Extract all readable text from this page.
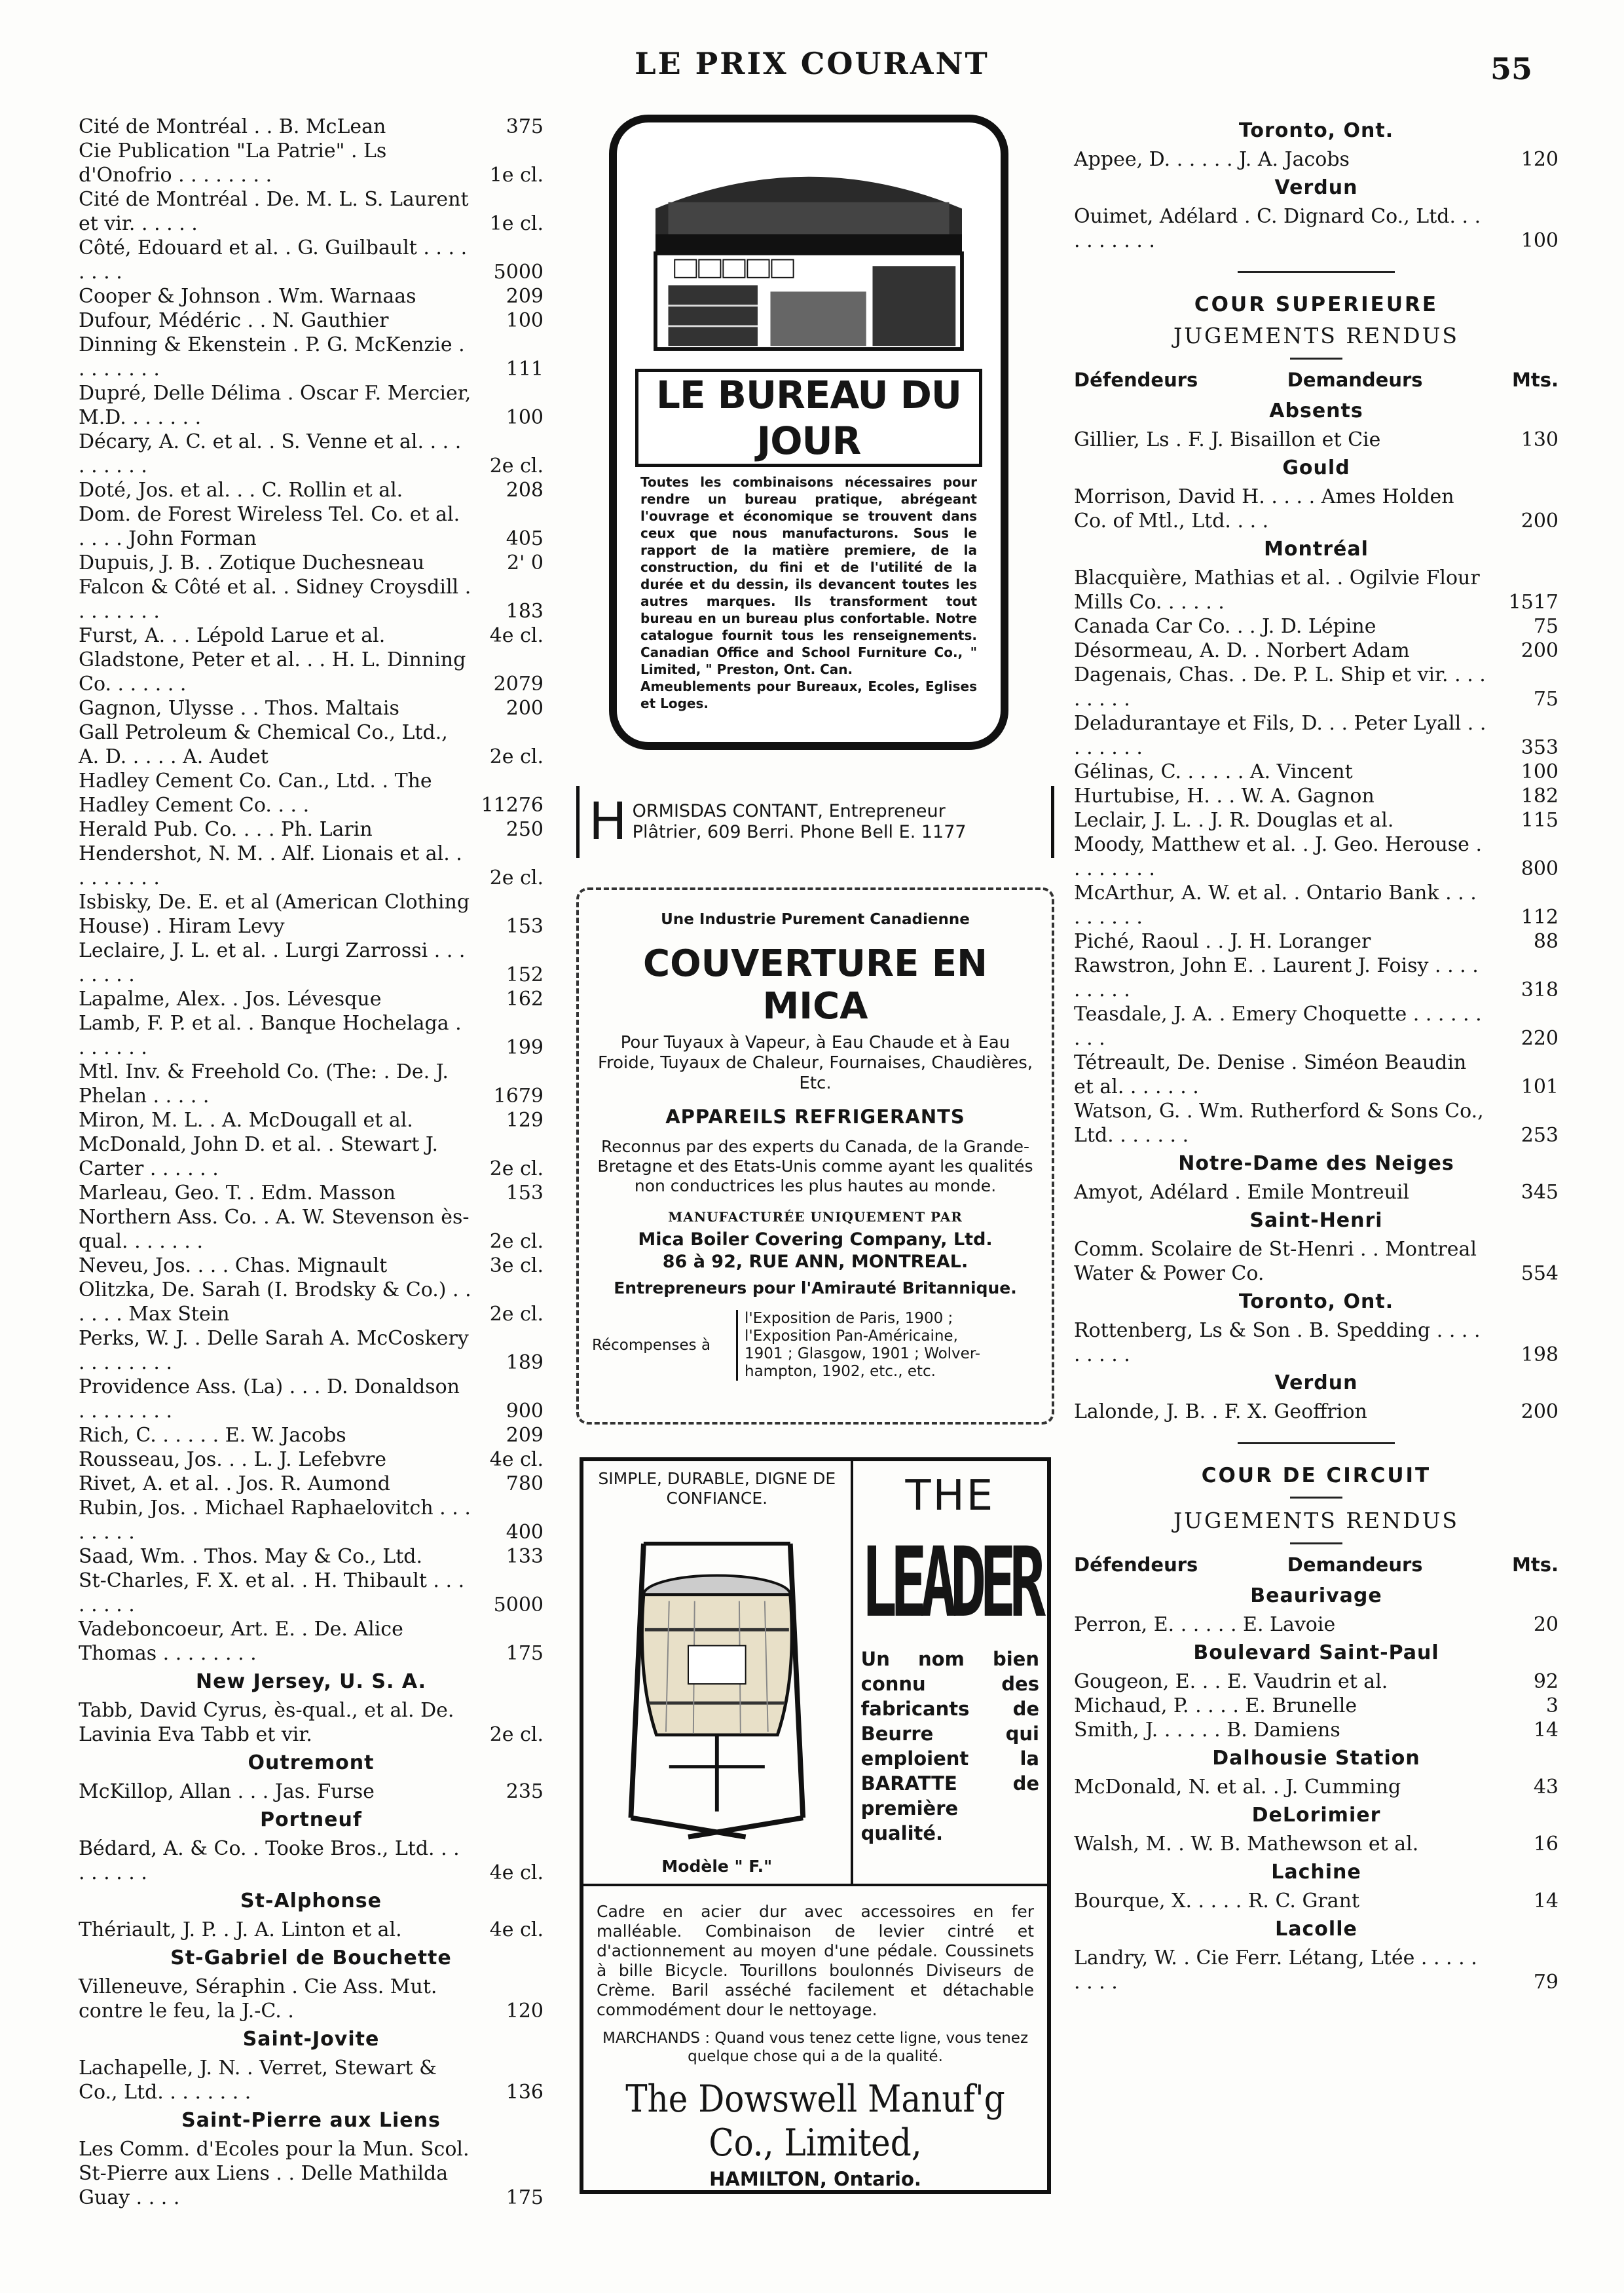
LE PRIX COURANT	55
Cité de Montréal . . B. McLean	375
Cie Publication "La Patrie" . Ls d'Onofrio . . . . . . . .	1e cl.
Cité de Montréal . De. M. L. S. Laurent et vir. . . . . .	1e cl.
Côté, Edouard et al. . G. Guilbault . . . . . . . .	5000
Cooper & Johnson . Wm. Warnaas	209
Dufour, Médéric . . N. Gauthier	100
Dinning & Ekenstein . P. G. McKenzie . . . . . . . .	111
Dupré, Delle Délima . Oscar F. Mercier, M.D. . . . . . .	100
Décary, A. C. et al. . S. Venne et al. . . . . . . . . .	2e cl.
Doté, Jos. et al. . . C. Rollin et al.	208
Dom. de Forest Wireless Tel. Co. et al. . . . . John Forman	405
Dupuis, J. B. . Zotique Duchesneau	2' 0
Falcon & Côté et al. . Sidney Croysdill . . . . . . . .	183
Furst, A. . . Lépold Larue et al.	4e cl.
Gladstone, Peter et al. . . H. L. Dinning Co. . . . . . .	2079
Gagnon, Ulysse . . Thos. Maltais	200
Gall Petroleum & Chemical Co., Ltd., A. D. . . . . A. Audet	2e cl.
Hadley Cement Co. Can., Ltd. . The Hadley Cement Co. . . .	11276
Herald Pub. Co. . . . Ph. Larin	250
Hendershot, N. M. . Alf. Lionais et al. . . . . . . . .	2e cl.
Isbisky, De. E. et al (American Clothing House) . Hiram Levy	153
Leclaire, J. L. et al. . Lurgi Zarrossi . . . . . . . .	152
Lapalme, Alex. . Jos. Lévesque	162
Lamb, F. P. et al. . Banque Hochelaga . . . . . . .	199
Mtl. Inv. & Freehold Co. (The: . De. J. Phelan . . . . .	1679
Miron, M. L. . A. McDougall et al.	129
McDonald, John D. et al. . Stewart J. Carter . . . . . .	2e cl.
Marleau, Geo. T. . Edm. Masson	153
Northern Ass. Co. . A. W. Stevenson ès-qual. . . . . . .	2e cl.
Neveu, Jos. . . . Chas. Mignault	3e cl.
Olitzka, De. Sarah (I. Brodsky & Co.) . . . . . . Max Stein	2e cl.
Perks, W. J. . Delle Sarah A. McCoskery . . . . . . . .	189
Providence Ass. (La) . . . D. Donaldson . . . . . . . .	900
Rich, C. . . . . . E. W. Jacobs	209
Rousseau, Jos. . . L. J. Lefebvre	4e cl.
Rivet, A. et al. . Jos. R. Aumond	780
Rubin, Jos. . Michael Raphaelovitch . . . . . . . .	400
Saad, Wm. . Thos. May & Co., Ltd.	133
St-Charles, F. X. et al. . H. Thibault . . . . . . . .	5000
Vadeboncoeur, Art. E. . De. Alice Thomas . . . . . . . .	175
New Jersey, U. S. A.
Tabb, David Cyrus, ès-qual., et al. De. Lavinia Eva Tabb et vir.	2e cl.
Outremont
McKillop, Allan . . . Jas. Furse	235
Portneuf
Bédard, A. & Co. . Tooke Bros., Ltd. . . . . . . . .	4e cl.
St-Alphonse
Thériault, J. P. . J. A. Linton et al.	4e cl.
St-Gabriel de Bouchette
Villeneuve, Séraphin . Cie Ass. Mut. contre le feu, la J.-C. .	120
Saint-Jovite
Lachapelle, J. N. . Verret, Stewart & Co., Ltd. . . . . . . .	136
Saint-Pierre aux Liens
Les Comm. d'Ecoles pour la Mun. Scol. St-Pierre aux Liens . . Delle Mathilda Guay . . . .	175
Toronto, Ont.
Appee, D. . . . . . J. A. Jacobs	120
Verdun
Ouimet, Adélard . C. Dignard Co., Ltd. . . . . . . . . .	100
COUR SUPERIEURE
JUGEMENTS RENDUS
Défendeurs	Demandeurs	Mts.
Absents
Gillier, Ls . F. J. Bisaillon et Cie	130
Gould
Morrison, David H. . . . . Ames Holden Co. of Mtl., Ltd. . . .	200
Montréal
Blacquière, Mathias et al. . Ogilvie Flour Mills Co. . . . . .	1517
Canada Car Co. . . J. D. Lépine	75
Désormeau, A. D. . Norbert Adam	200
Dagenais, Chas. . De. P. L. Ship et vir. . . . . . . . .	75
Deladurantaye et Fils, D. . . Peter Lyall . . . . . . . .	353
Gélinas, C. . . . . . A. Vincent	100
Hurtubise, H. . . W. A. Gagnon	182
Leclair, J. L. . J. R. Douglas et al.	115
Moody, Matthew et al. . J. Geo. Herouse . . . . . . . .	800
McArthur, A. W. et al. . Ontario Bank . . . . . . . . .	112
Piché, Raoul . . J. H. Loranger	88
Rawstron, John E. . Laurent J. Foisy . . . . . . . . .	318
Teasdale, J. A. . Emery Choquette . . . . . . . . .	220
Tétreault, De. Denise . Siméon Beaudin et al. . . . . . .	101
Watson, G. . Wm. Rutherford & Sons Co., Ltd. . . . . . .	253
Notre-Dame des Neiges
Amyot, Adélard . Emile Montreuil	345
Saint-Henri
Comm. Scolaire de St-Henri . . Montreal Water & Power Co.	554
Toronto, Ont.
Rottenberg, Ls & Son . B. Spedding . . . . . . . . .	198
Verdun
Lalonde, J. B. . F. X. Geoffrion	200
COUR DE CIRCUIT
JUGEMENTS RENDUS
Défendeurs	Demandeurs	Mts.
Beaurivage
Perron, E. . . . . . E. Lavoie	20
Boulevard Saint-Paul
Gougeon, E. . . E. Vaudrin et al.	92
Michaud, P. . . . . E. Brunelle	3
Smith, J. . . . . . B. Damiens	14
Dalhousie Station
McDonald, N. et al. . J. Cumming	43
DeLorimier
Walsh, M. . W. B. Mathewson et al.	16
Lachine
Bourque, X. . . . . R. C. Grant	14
Lacolle
Landry, W. . Cie Ferr. Létang, Ltée . . . . . . . . .	79
LE BUREAU DU JOUR
Toutes les combinaisons nécessaires pour rendre un bureau pratique, abrégeant l'ouvrage et économique se trouvent dans ceux que nous manufacturons. Sous le rapport de la matière premiere, de la construction, du fini et de l'utilité de la durée et du dessin, ils devancent toutes les autres marques. Ils transforment tout bureau en un bureau plus confortable. Notre catalogue fournit tous les renseignements. Canadian Office and School Furniture Co., " Limited, " Preston, Ont. Can.
Ameublements pour Bureaux, Ecoles, Eglises et Loges.
H ORMISDAS CONTANT, Entrepreneur
Plâtrier, 609 Berri. Phone Bell E. 1177
Une Industrie Purement Canadienne
COUVERTURE EN MICA
Pour Tuyaux à Vapeur, à Eau Chaude et à Eau Froide, Tuyaux de Chaleur, Fournaises, Chaudières, Etc.
APPAREILS REFRIGERANTS
Reconnus par des experts du Canada, de la Grande-Bretagne et des Etats-Unis comme ayant les qualités non conductrices les plus hautes au monde.
MANUFACTURÉE UNIQUEMENT PAR
Mica Boiler Covering Company, Ltd.
86 à 92, RUE ANN, MONTREAL.
Entrepreneurs pour l'Amirauté Britannique.
Récompenses à
l'Exposition de Paris, 1900 ;
l'Exposition Pan-Américaine,
1901 ; Glasgow, 1901 ; Wolver-
hampton, 1902, etc., etc.
SIMPLE, DURABLE, DIGNE DE CONFIANCE.
Modèle " F."
THE
LEADER
Un nom bien connu des fabricants de Beurre qui emploient la BARATTE de première qualité.
Cadre en acier dur avec accessoires en fer malléable. Combinaison de levier cintré et d'actionnement au moyen d'une pédale. Coussinets à bille Bicycle. Tourillons boulonnés Diviseurs de Crème. Baril asséché facilement et détachable commodément dour le nettoyage.
MARCHANDS : Quand vous tenez cette ligne, vous tenez quelque chose qui a de la qualité.
The Dowswell Manuf'g Co., Limited,
HAMILTON, Ontario.
